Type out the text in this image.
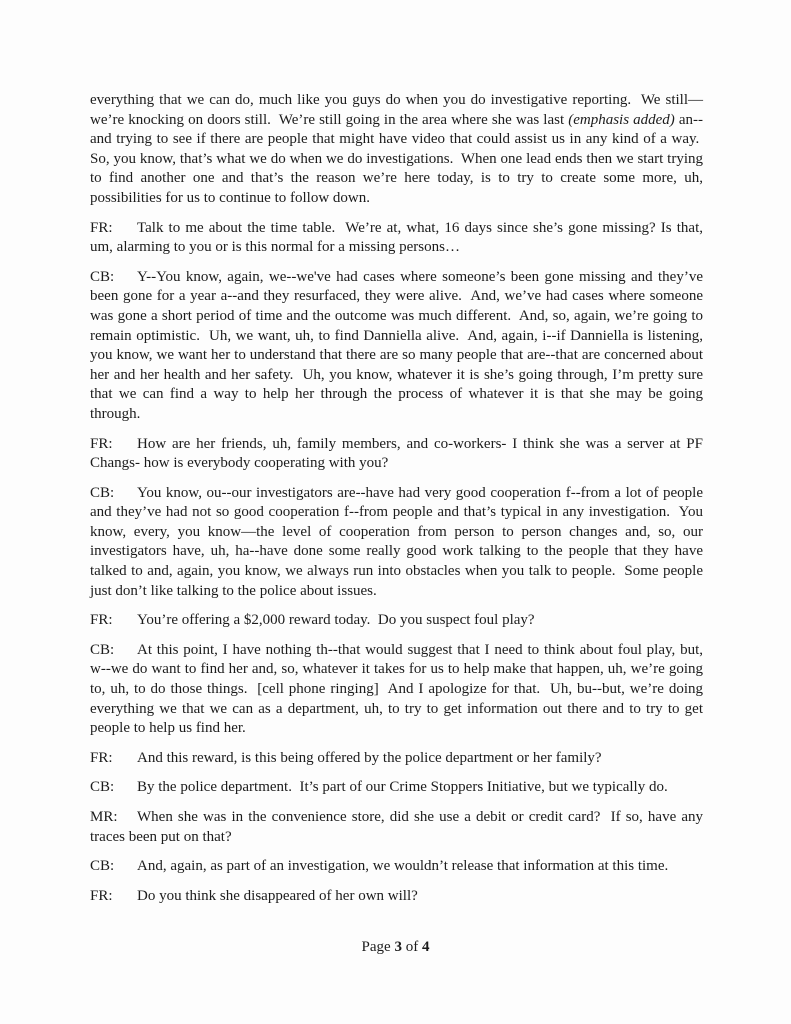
everything that we can do, much like you guys do when you do investigative reporting.  We still—we’re knocking on doors still.  We’re still going in the area where she was last (emphasis added) an--and trying to see if there are people that might have video that could assist us in any kind of a way.  So, you know, that’s what we do when we do investigations.  When one lead ends then we start trying to find another one and that’s the reason we’re here today, is to try to create some more, uh, possibilities for us to continue to follow down.
FR: Talk to me about the time table.  We’re at, what, 16 days since she’s gone missing? Is that, um, alarming to you or is this normal for a missing persons…
CB: Y--You know, again, we--we've had cases where someone’s been gone missing and they’ve been gone for a year a--and they resurfaced, they were alive.  And, we’ve had cases where someone was gone a short period of time and the outcome was much different.  And, so, again, we’re going to remain optimistic.  Uh, we want, uh, to find Danniella alive.  And, again, i--if Danniella is listening, you know, we want her to understand that there are so many people that are--that are concerned about her and her health and her safety.  Uh, you know, whatever it is she’s going through, I’m pretty sure that we can find a way to help her through the process of whatever it is that she may be going through.
FR: How are her friends, uh, family members, and co-workers- I think she was a server at PF Changs- how is everybody cooperating with you?
CB: You know, ou--our investigators are--have had very good cooperation f--from a lot of people and they’ve had not so good cooperation f--from people and that’s typical in any investigation.  You know, every, you know—the level of cooperation from person to person changes and, so, our investigators have, uh, ha--have done some really good work talking to the people that they have talked to and, again, you know, we always run into obstacles when you talk to people.  Some people just don’t like talking to the police about issues.
FR: You’re offering a $2,000 reward today.  Do you suspect foul play?
CB: At this point, I have nothing th--that would suggest that I need to think about foul play, but, w--we do want to find her and, so, whatever it takes for us to help make that happen, uh, we’re going to, uh, to do those things.  [cell phone ringing]  And I apologize for that.  Uh, bu--but, we’re doing everything we that we can as a department, uh, to try to get information out there and to try to get people to help us find her.
FR: And this reward, is this being offered by the police department or her family?
CB: By the police department.  It’s part of our Crime Stoppers Initiative, but we typically do.
MR: When she was in the convenience store, did she use a debit or credit card?  If so, have any traces been put on that?
CB: And, again, as part of an investigation, we wouldn’t release that information at this time.
FR: Do you think she disappeared of her own will?
Page 3 of 4
